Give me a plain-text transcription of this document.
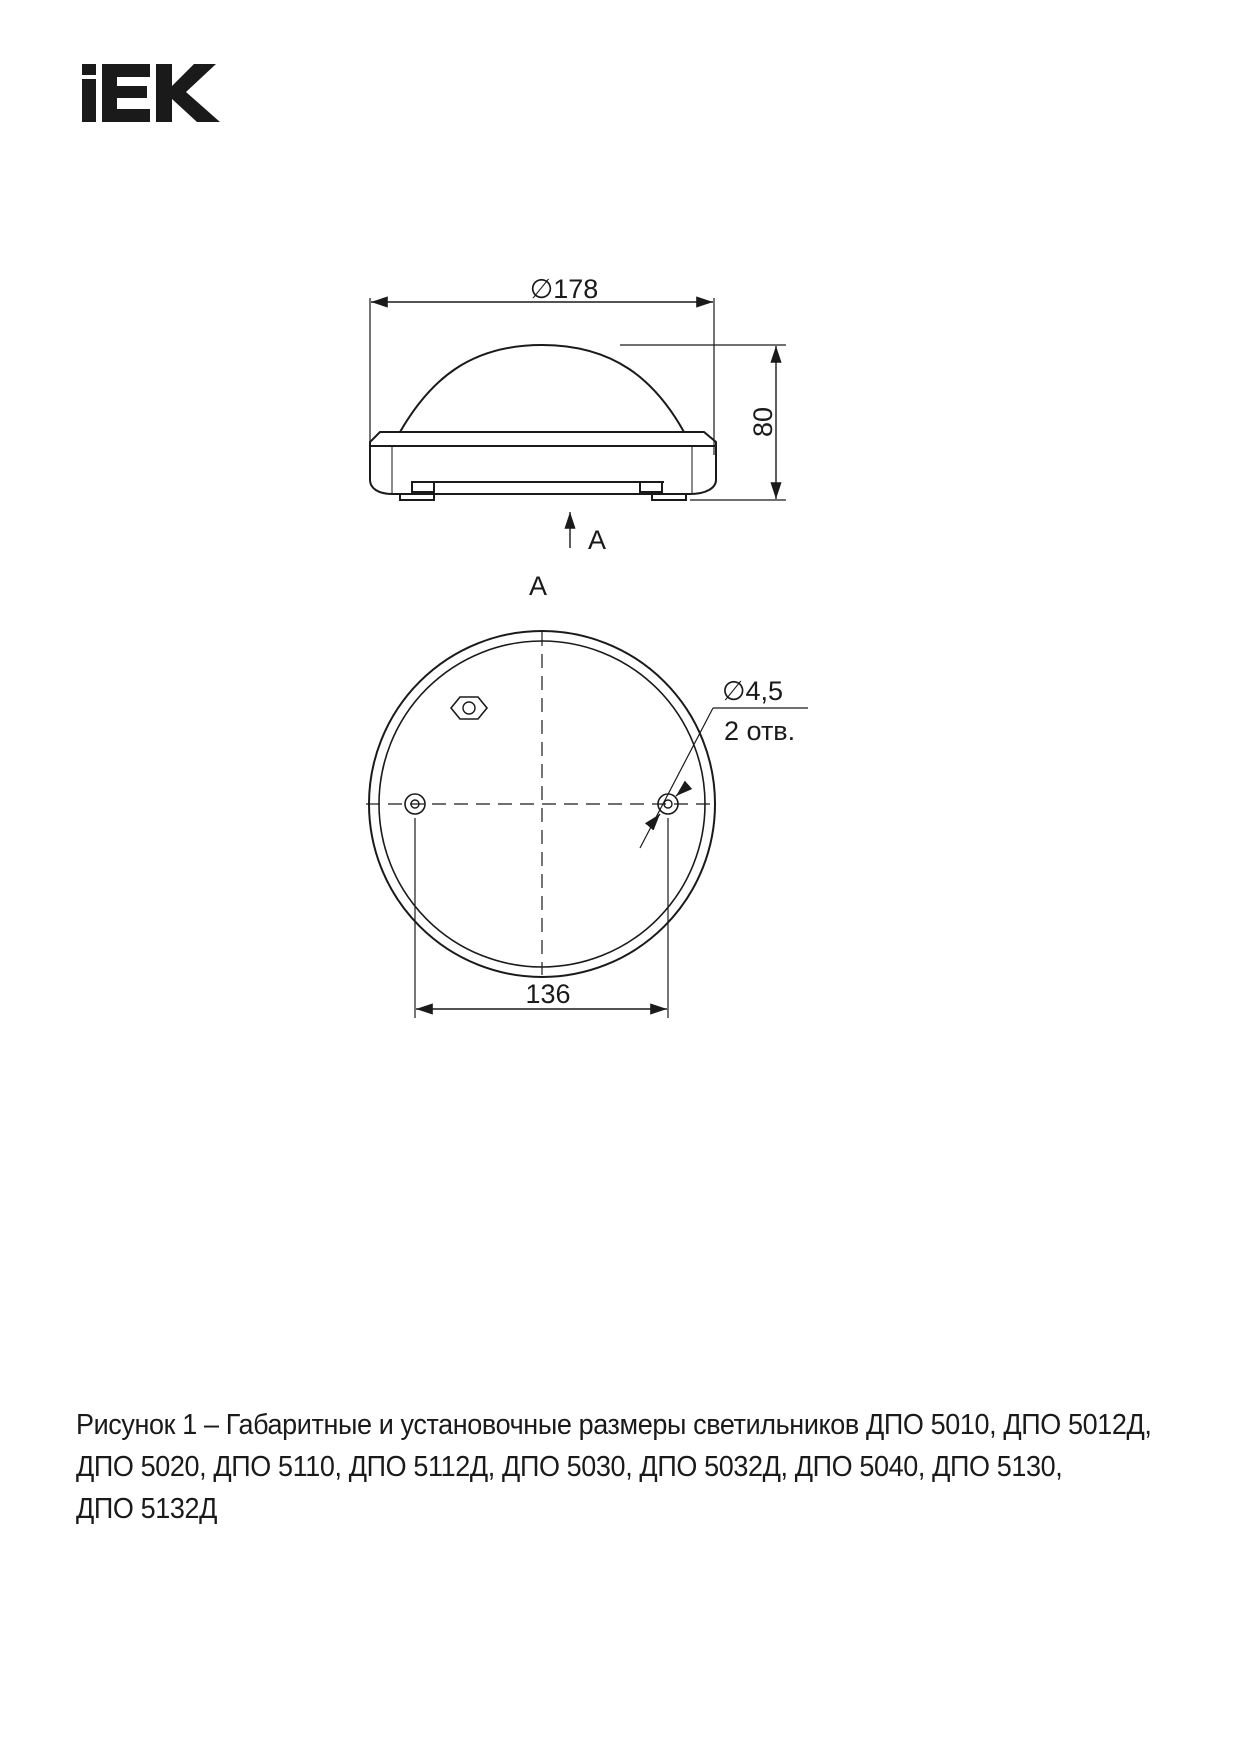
∅178
80
A
A
∅4,5
2 отв.
136
Рисунок 1 – Габаритные и установочные размеры светильников ДПО 5010, ДПО 5012Д,
ДПО 5020, ДПО 5110, ДПО 5112Д, ДПО 5030, ДПО 5032Д, ДПО 5040, ДПО 5130,
ДПО 5132Д
